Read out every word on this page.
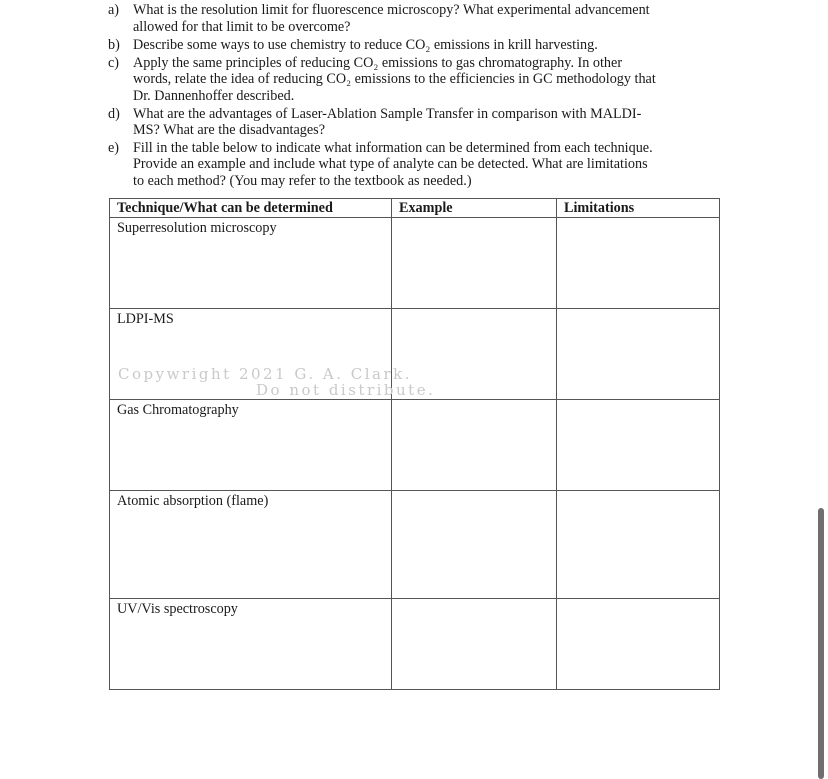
a) What is the resolution limit for fluorescence microscopy? What experimental advancement
allowed for that limit to be overcome?
b) Describe some ways to use chemistry to reduce CO₂ emissions in krill harvesting.
c) Apply the same principles of reducing CO₂ emissions to gas chromatography. In other
words, relate the idea of reducing CO₂ emissions to the efficiencies in GC methodology that
Dr. Dannenhoffer described.
d) What are the advantages of Laser-Ablation Sample Transfer in comparison with MALDI-
MS? What are the disadvantages?
e) Fill in the table below to indicate what information can be determined from each technique.
Provide an example and include what type of analyte can be detected. What are limitations
to each method? (You may refer to the textbook as needed.)
Technique/What can be determined	Example	Limitations
Superresolution microscopy		
LDPI-MS		
Gas Chromatography		
Atomic absorption (flame)		
UV/Vis spectroscopy		
Copywright 2021 G. A. Clark.
Do not distribute.
